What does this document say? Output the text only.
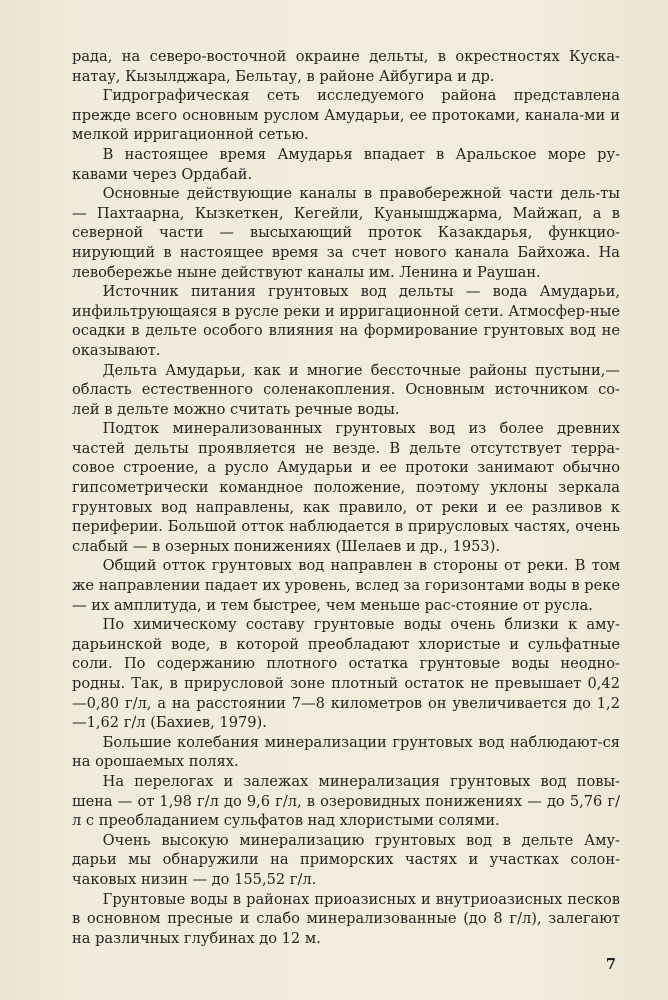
рада, на северо-восточной окраине дельты, в окрестностях Куска-натау, Кызылджара, Бельтау, в районе Айбугира и др.

Гидрографическая сеть исследуемого района представлена прежде всего основным руслом Амударьи, ее протоками, канала-ми и мелкой ирригационной сетью.

В настоящее время Амударья впадает в Аральское море ру-кавами через Ордабай.

Основные действующие каналы в правобережной части дель-ты — Пахтаарна, Кызкеткен, Кегейли, Куанышджарма, Майжап, а в северной части — высыхающий проток Казакдарья, функцио-нирующий в настоящее время за счет нового канала Байхожа. На левобережье ныне действуют каналы им. Ленина и Раушан.

Источник питания грунтовых вод дельты — вода Амударьи, инфильтрующаяся в русле реки и ирригационной сети. Атмосфер-ные осадки в дельте особого влияния на формирование грунтовых вод не оказывают.

Дельта Амударьи, как и многие бессточные районы пустыни,— область естественного соленакопления. Основным источником со-лей в дельте можно считать речные воды.

Подток минерализованных грунтовых вод из более древних частей дельты проявляется не везде. В дельте отсутствует терра-совое строение, а русло Амударьи и ее протоки занимают обычно гипсометрически командное положение, поэтому уклоны зеркала грунтовых вод направлены, как правило, от реки и ее разливов к периферии. Большой отток наблюдается в прирусловых частях, очень слабый — в озерных понижениях (Шелаев и др., 1953).

Общий отток грунтовых вод направлен в стороны от реки. В том же направлении падает их уровень, вслед за горизонтами воды в реке — их амплитуда, и тем быстрее, чем меньше рас-стояние от русла.

По химическому составу грунтовые воды очень близки к аму-дарьинской воде, в которой преобладают хлористые и сульфатные соли. По содержанию плотного остатка грунтовые воды неодно-родны. Так, в прирусловой зоне плотный остаток не превышает 0,42—0,80 г/л, а на расстоянии 7—8 километров он увеличивается до 1,2—1,62 г/л (Бахиев, 1979).

Большие колебания минерализации грунтовых вод наблюдают-ся на орошаемых полях.

На перелогах и залежах минерализация грунтовых вод повы-шена — от 1,98 г/л до 9,6 г/л, в озеровидных понижениях — до 5,76 г/л с преобладанием сульфатов над хлористыми солями.

Очень высокую минерализацию грунтовых вод в дельте Аму-дарьи мы обнаружили на приморских частях и участках солон-чаковых низин — до 155,52 г/л.

Грунтовые воды в районах приоазисных и внутриоазисных песков в основном пресные и слабо минерализованные (до 8 г/л), залегают на различных глубинах до 12 м.

7
